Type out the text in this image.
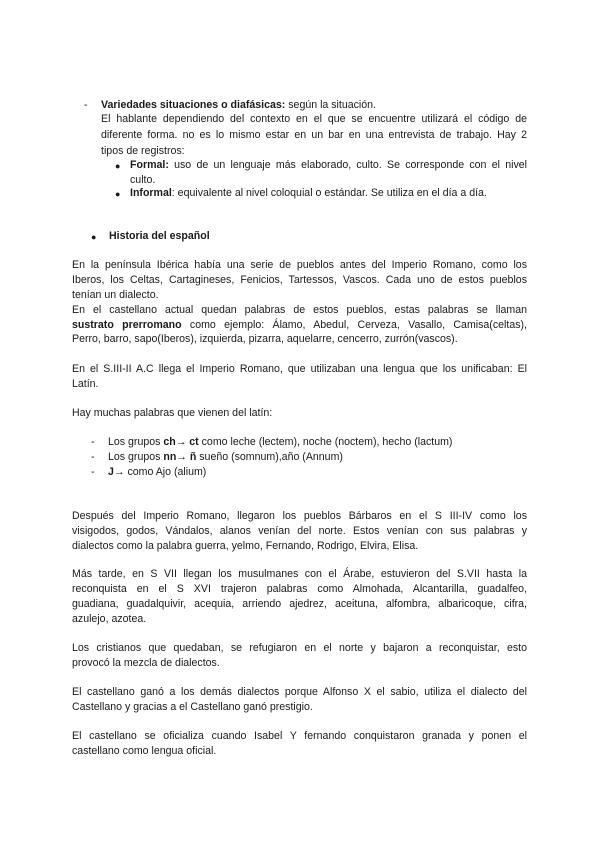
- Variedades situaciones o diafásicas: según la situación.
El hablante dependiendo del contexto en el que se encuentre utilizará el código de
diferente forma. no es lo mismo estar en un bar en una entrevista de trabajo. Hay 2
tipos de registros:
● Formal: uso de un lenguaje más elaborado, culto. Se corresponde con el nivel
culto.
● Informal: equivalente al nivel coloquial o estándar. Se utiliza en el día a día.
● Historia del español
En la península Ibérica había una serie de pueblos antes del Imperio Romano, como los
Iberos, los Celtas, Cartagineses, Fenicios, Tartessos, Vascos. Cada uno de estos pueblos
tenían un dialecto.
En el castellano actual quedan palabras de estos pueblos, estas palabras se llaman
sustrato prerromano como ejemplo: Álamo, Abedul, Cerveza, Vasallo, Camisa(celtas),
Perro, barro, sapo(Iberos), izquierda, pizarra, aquelarre, cencerro, zurrón(vascos).
En el S.III-II A.C llega el Imperio Romano, que utilizaban una lengua que los unificaban: El
Latín.
Hay muchas palabras que vienen del latín:
- Los grupos ch→ ct como leche (lectem), noche (noctem), hecho (lactum)
- Los grupos nn→ ñ sueño (somnum),año (Annum)
- J→ como Ajo (alium)
Después del Imperio Romano, llegaron los pueblos Bárbaros en el S III-IV como los
visigodos, godos, Vándalos, alanos venían del norte. Estos venían con sus palabras y
dialectos como la palabra guerra, yelmo, Fernando, Rodrigo, Elvira, Elisa.
Más tarde, en S VII llegan los musulmanes con el Árabe, estuvieron del S.VII hasta la
reconquista en el S XVI trajeron palabras como Almohada, Alcantarilla, guadalfeo,
guadiana, guadalquivir, acequia, arriendo ajedrez, aceituna, alfombra, albaricoque, cifra,
azulejo, azotea.
Los cristianos que quedaban, se refugiaron en el norte y bajaron a reconquistar, esto
provocó la mezcla de dialectos.
El castellano ganó a los demás dialectos porque Alfonso X el sabio, utiliza el dialecto del
Castellano y gracias a el Castellano ganó prestigio.
El castellano se oficializa cuando Isabel Y fernando conquistaron granada y ponen el
castellano como lengua oficial.
